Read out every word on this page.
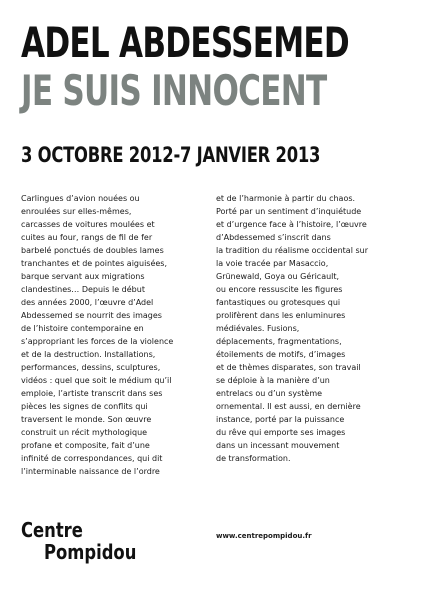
ADEL ABDESSEMED
JE SUIS INNOCENT
3 OCTOBRE 2012-7 JANVIER 2013
Carlingues d’avion nouées ou
enroulées sur elles-mêmes,
carcasses de voitures moulées et
cuites au four, rangs de fil de fer
barbelé ponctués de doubles lames
tranchantes et de pointes aiguisées,
barque servant aux migrations
clandestines… Depuis le début
des années 2000, l’œuvre d’Adel
Abdessemed se nourrit des images
de l’histoire contemporaine en
s’appropriant les forces de la violence
et de la destruction. Installations,
performances, dessins, sculptures,
vidéos : quel que soit le médium qu’il
emploie, l’artiste transcrit dans ses
pièces les signes de conflits qui
traversent le monde. Son œuvre
construit un récit mythologique
profane et composite, fait d’une
infinité de correspondances, qui dit
l’interminable naissance de l’ordre
et de l’harmonie à partir du chaos.
Porté par un sentiment d’inquiétude
et d’urgence face à l’histoire, l’œuvre
d’Abdessemed s’inscrit dans
la tradition du réalisme occidental sur
la voie tracée par Masaccio,
Grünewald, Goya ou Géricault,
ou encore ressuscite les figures
fantastiques ou grotesques qui
prolifèrent dans les enluminures
médiévales. Fusions,
déplacements, fragmentations,
étoilements de motifs, d’images
et de thèmes disparates, son travail
se déploie à la manière d’un
entrelacs ou d’un système
ornemental. Il est aussi, en dernière
instance, porté par la puissance
du rêve qui emporte ses images
dans un incessant mouvement
de transformation.
Centre
Pompidou
www.centrepompidou.fr
